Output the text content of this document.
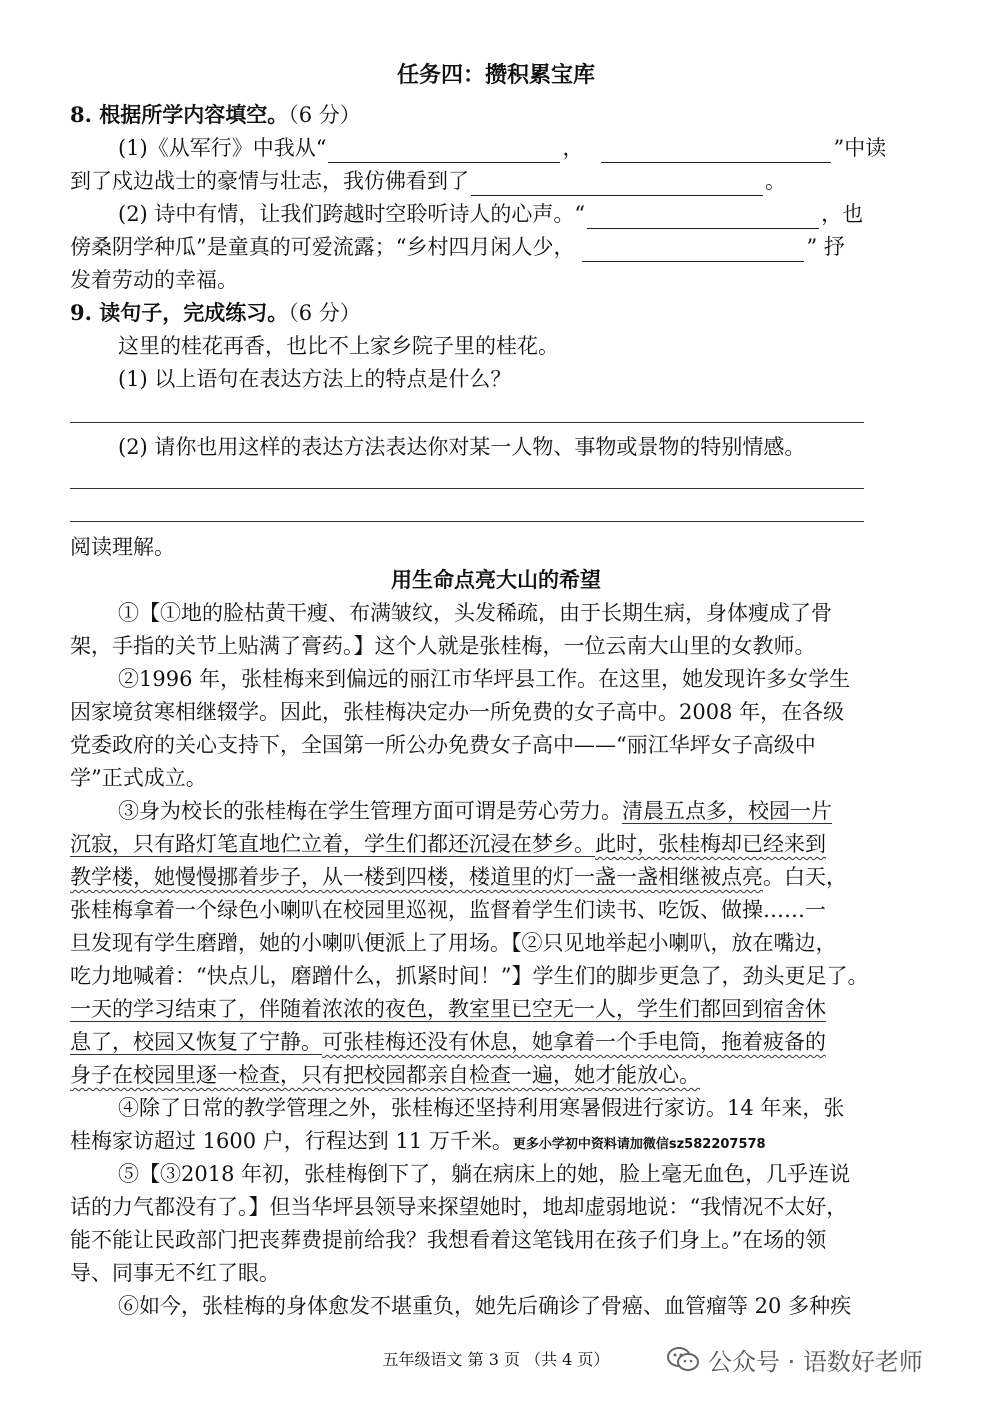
任务四：攒积累宝库
8. 根据所学内容填空。（6 分）
(1)《从军行》中我从“	，	”中读
到了戍边战士的豪情与壮志，我仿佛看到了	。
(2) 诗中有情，让我们跨越时空聆听诗人的心声。“	，也
傍桑阴学种瓜”是童真的可爱流露；“乡村四月闲人少，	” 抒
发着劳动的幸福。
9. 读句子，完成练习。（6 分）
这里的桂花再香，也比不上家乡院子里的桂花。
(1) 以上语句在表达方法上的特点是什么？
(2) 请你也用这样的表达方法表达你对某一人物、事物或景物的特别情感。
阅读理解。
用生命点亮大山的希望
①【①地的脸枯黄干瘦、布满皱纹，头发稀疏，由于长期生病，身体瘦成了骨
架，手指的关节上贴满了膏药。】这个人就是张桂梅，一位云南大山里的女教师。
②1996 年，张桂梅来到偏远的丽江市华坪县工作。在这里，她发现许多女学生
因家境贫寒相继辍学。因此，张桂梅决定办一所免费的女子高中。2008 年，在各级
党委政府的关心支持下，全国第一所公办免费女子高中——“丽江华坪女子高级中
学”正式成立。
③身为校长的张桂梅在学生管理方面可谓是劳心劳力。清晨五点多，校园一片
沉寂，只有路灯笔直地伫立着，学生们都还沉浸在梦乡。此时，张桂梅却已经来到
教学楼，她慢慢挪着步子，从一楼到四楼，楼道里的灯一盏一盏相继被点亮。白天，
张桂梅拿着一个绿色小喇叭在校园里巡视，监督着学生们读书、吃饭、做操……一
旦发现有学生磨蹭，她的小喇叭便派上了用场。【②只见地举起小喇叭，放在嘴边，
吃力地喊着：“快点儿，磨蹭什么，抓紧时间！”】学生们的脚步更急了，劲头更足了。
一天的学习结束了，伴随着浓浓的夜色，教室里已空无一人，学生们都回到宿舍休
息了，校园又恢复了宁静。可张桂梅还没有休息，她拿着一个手电筒，拖着疲备的
身子在校园里逐一检查，只有把校园都亲自检查一遍，她才能放心。
④除了日常的教学管理之外，张桂梅还坚持利用寒暑假进行家访。14 年来，张
桂梅家访超过 1600 户，行程达到 11 万千米。更多小学初中资料请加微信sz582207578
⑤【③2018 年初，张桂梅倒下了，躺在病床上的她，脸上毫无血色，几乎连说
话的力气都没有了。】但当华坪县领导来探望她时，地却虚弱地说：“我情况不太好，
能不能让民政部门把丧葬费提前给我？我想看着这笔钱用在孩子们身上。”在场的领
导、同事无不红了眼。
⑥如今，张桂梅的身体愈发不堪重负，她先后确诊了骨癌、血管瘤等 20 多种疾
五年级语文 第 3 页 （共 4 页）	公众号 · 语数好老师
